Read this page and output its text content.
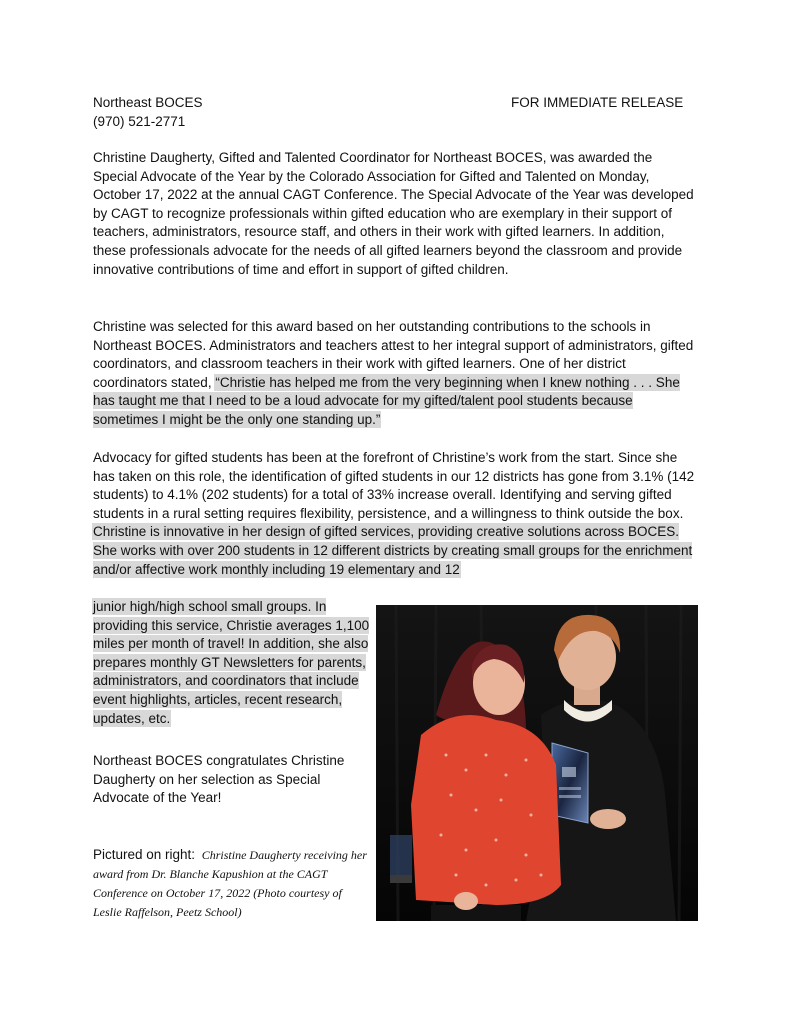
Northeast BOCES
(970) 521-2771
FOR IMMEDIATE RELEASE

Christine Daugherty, Gifted and Talented Coordinator for Northeast BOCES, was awarded the Special Advocate of the Year by the Colorado Association for Gifted and Talented on Monday, October 17, 2022 at the annual CAGT Conference. The Special Advocate of the Year was developed by CAGT to recognize professionals within gifted education who are exemplary in their support of teachers, administrators, resource staff, and others in their work with gifted learners. In addition, these professionals advocate for the needs of all gifted learners beyond the classroom and provide innovative contributions of time and effort in support of gifted children.

Christine was selected for this award based on her outstanding contributions to the schools in Northeast BOCES. Administrators and teachers attest to her integral support of administrators, gifted coordinators, and classroom teachers in their work with gifted learners. One of her district coordinators stated, “Christie has helped me from the very beginning when I knew nothing . . . She has taught me that I need to be a loud advocate for my gifted/talent pool students because sometimes I might be the only one standing up.”

Advocacy for gifted students has been at the forefront of Christine’s work from the start. Since she has taken on this role, the identification of gifted students in our 12 districts has gone from 3.1% (142 students) to 4.1% (202 students) for a total of 33% increase overall. Identifying and serving gifted students in a rural setting requires flexibility, persistence, and a willingness to think outside the box. Christine is innovative in her design of gifted services, providing creative solutions across BOCES. She works with over 200 students in 12 different districts by creating small groups for the enrichment and/or affective work monthly including 19 elementary and 12

junior high/high school small groups. In providing this service, Christie averages 1,100 miles per month of travel! In addition, she also prepares monthly GT Newsletters for parents, administrators, and coordinators that include event highlights, articles, recent research, updates, etc.

Northeast BOCES congratulates Christine Daugherty on her selection as Special Advocate of the Year!

Pictured on right: Christine Daugherty receiving her award from Dr. Blanche Kapushion at the CAGT Conference on October 17, 2022 (Photo courtesy of Leslie Raffelson, Peetz School)
